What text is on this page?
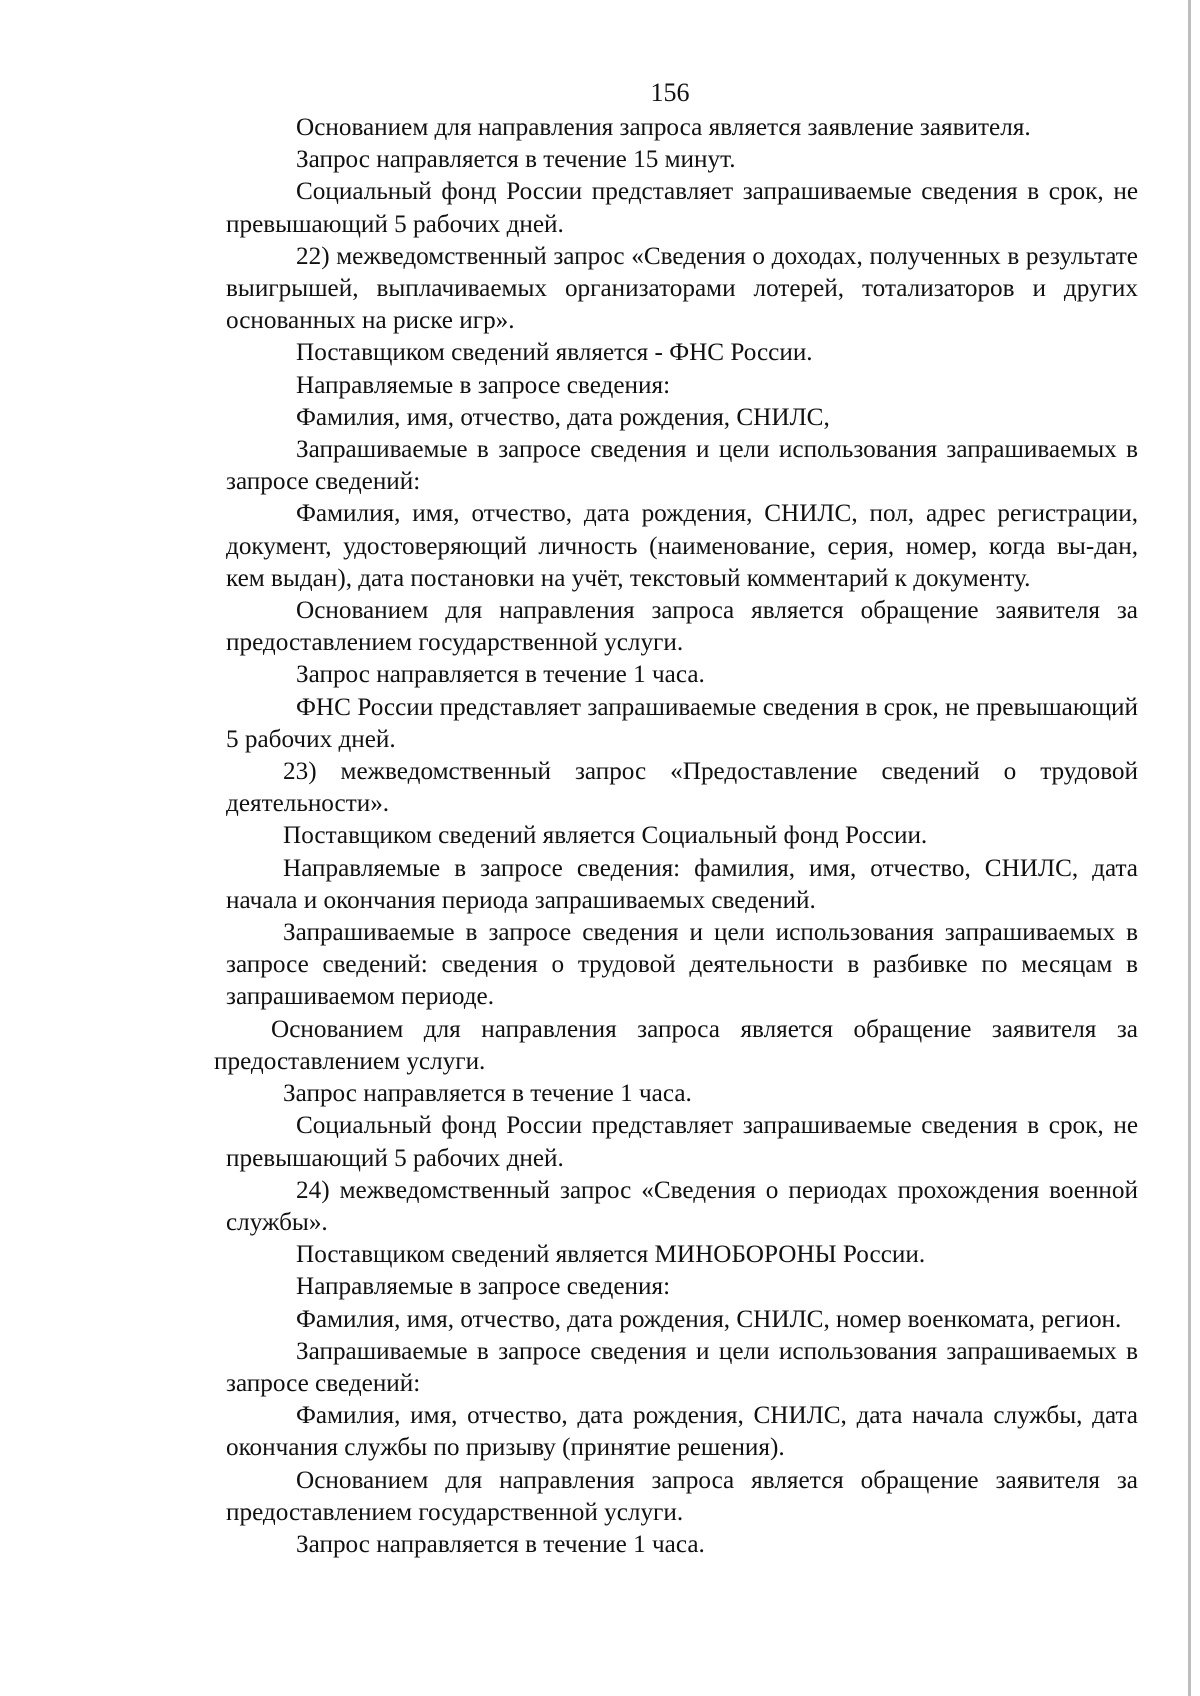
156

Основанием для направления запроса является заявление заявителя.

Запрос направляется в течение 15 минут.

Социальный фонд России представляет запрашиваемые сведения в срок, не превышающий 5 рабочих дней.

22) межведомственный запрос «Сведения о доходах, полученных в результате выигрышей, выплачиваемых организаторами лотерей, тотализаторов и других основанных на риске игр».

Поставщиком сведений является - ФНС России.

Направляемые в запросе сведения:

Фамилия, имя, отчество, дата рождения, СНИЛС,

Запрашиваемые в запросе сведения и цели использования запрашиваемых в запросе сведений:

Фамилия, имя, отчество, дата рождения, СНИЛС, пол, адрес регистрации, документ, удостоверяющий личность (наименование, серия, номер, когда вы-дан, кем выдан), дата постановки на учёт, текстовый комментарий к документу.

Основанием для направления запроса является обращение заявителя за предоставлением государственной услуги.

Запрос направляется в течение 1 часа.

ФНС России представляет запрашиваемые сведения в срок, не превышающий 5 рабочих дней.

23) межведомственный запрос «Предоставление сведений о трудовой деятельности».

Поставщиком сведений является Социальный фонд России.

Направляемые в запросе сведения: фамилия, имя, отчество, СНИЛС, дата начала и окончания периода запрашиваемых сведений.

Запрашиваемые в запросе сведения и цели использования запрашиваемых в запросе сведений: сведения о трудовой деятельности в разбивке по месяцам в запрашиваемом периоде.

Основанием для направления запроса является обращение заявителя за предоставлением услуги.

Запрос направляется в течение 1 часа.

Социальный фонд России представляет запрашиваемые сведения в срок, не превышающий 5 рабочих дней.

24) межведомственный запрос «Сведения о периодах прохождения военной службы».

Поставщиком сведений является МИНОБОРОНЫ России.

Направляемые в запросе сведения:

Фамилия, имя, отчество, дата рождения, СНИЛС, номер военкомата, регион.

Запрашиваемые в запросе сведения и цели использования запрашиваемых в запросе сведений:

Фамилия, имя, отчество, дата рождения, СНИЛС, дата начала службы, дата окончания службы по призыву (принятие решения).

Основанием для направления запроса является обращение заявителя за предоставлением государственной услуги.

Запрос направляется в течение 1 часа.
